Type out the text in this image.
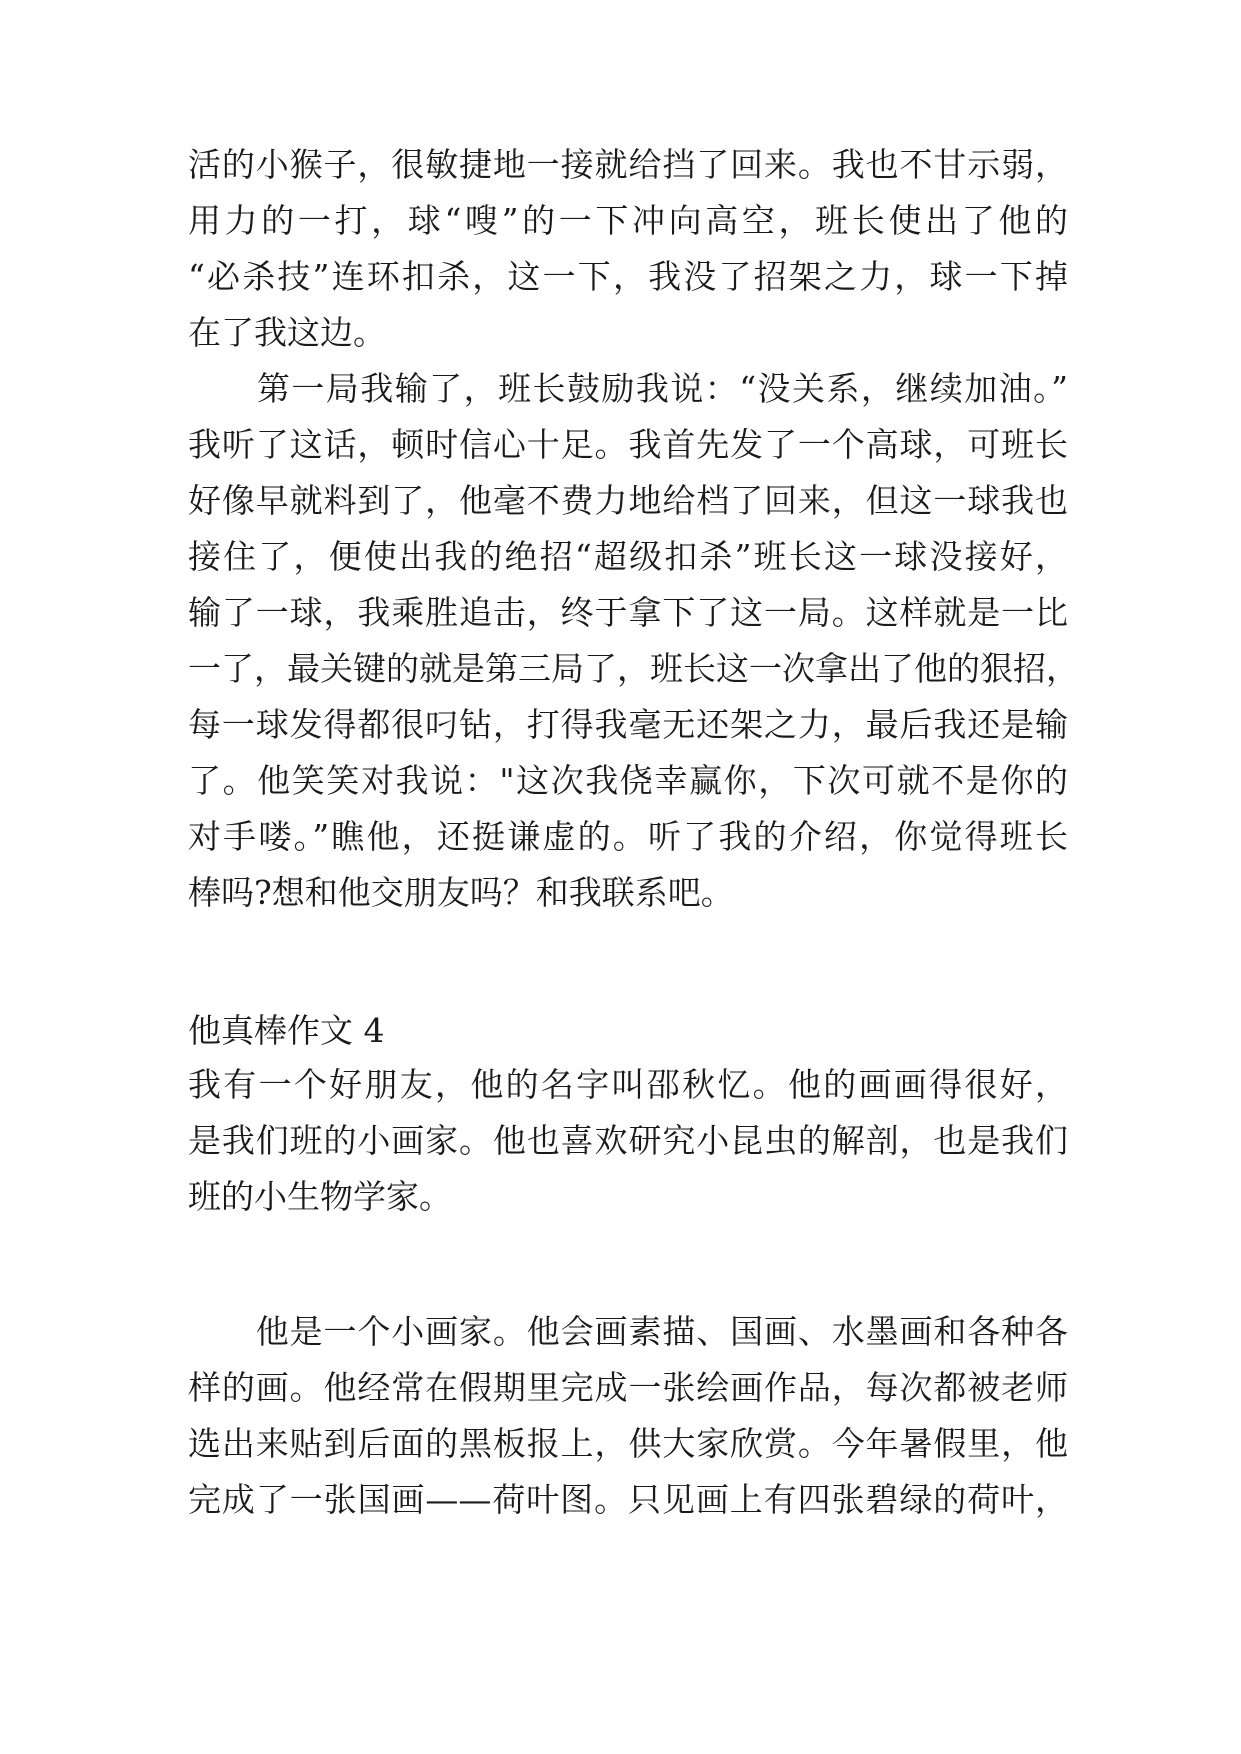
活的小猴子，很敏捷地一接就给挡了回来。我也不甘示弱，
用力的一打，球“嗖”的一下冲向高空，班长使出了他的
“必杀技”连环扣杀，这一下，我没了招架之力，球一下掉
在了我这边。
　　第一局我输了，班长鼓励我说：“没关系，继续加油。”
我听了这话，顿时信心十足。我首先发了一个高球，可班长
好像早就料到了，他毫不费力地给档了回来，但这一球我也
接住了，便使出我的绝招“超级扣杀”班长这一球没接好，
输了一球，我乘胜追击，终于拿下了这一局。这样就是一比
一了，最关键的就是第三局了，班长这一次拿出了他的狠招，
每一球发得都很叼钻，打得我毫无还架之力，最后我还是输
了。他笑笑对我说："这次我侥幸赢你，下次可就不是你的
对手喽。”瞧他，还挺谦虚的。听了我的介绍，你觉得班长
棒吗?想和他交朋友吗？和我联系吧。
他真棒作文 4
我有一个好朋友，他的名字叫邵秋忆。他的画画得很好，
是我们班的小画家。他也喜欢研究小昆虫的解剖，也是我们
班的小生物学家。
　　他是一个小画家。他会画素描、国画、水墨画和各种各
样的画。他经常在假期里完成一张绘画作品，每次都被老师
选出来贴到后面的黑板报上，供大家欣赏。今年暑假里，他
完成了一张国画——荷叶图。只见画上有四张碧绿的荷叶，
